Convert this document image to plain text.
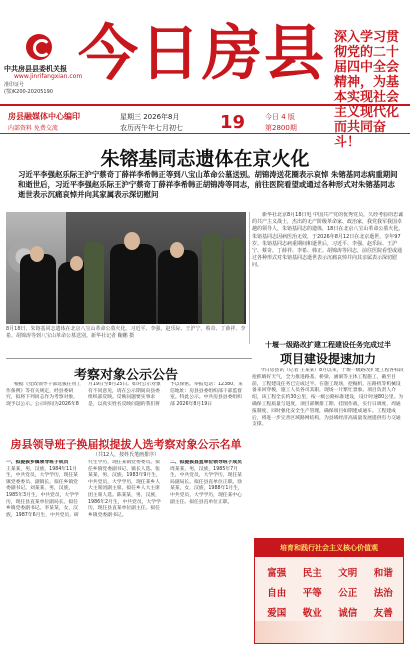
中共房县县委机关报
www.jinrifangxian.com
准印证号
(鄂)K200-20205190
今日房县 深入学习贯彻党的二十届四中全会精神，为基本实现社会主义现代化而共同奋斗！
房县融媒体中心编印
内部资料 免费交流
星期三 2026年8月
农历丙午年七月初七 19	今日 4 版
第2800期
朱镕基同志遗体在京火化
习近平李强赵乐际王沪宁蔡奇丁薛祥李希韩正等到八宝山革命公墓送别。胡锦涛送花圈表示哀悼 朱镕基同志病重期间和逝世后，习近平李强赵乐际王沪宁蔡奇丁薛祥李希韩正胡锦涛等同志，前往医院看望或通过各种形式对朱镕基同志逝世表示沉痛哀悼并向其家属表示深切慰问
8月18日，朱镕基同志遗体在北京八宝山革命公墓火化。习近平、李强、赵乐际、王沪宁、蔡奇、丁薛祥、李希、胡锦涛等到八宝山革命公墓送别。新华社记者 鞠鹏 摄
新华社北京8月18日电 中国共产党的优秀党员，久经考验的忠诚的共产主义战士，杰出的无产阶级革命家、政治家，我党我军我国卓越的领导人，朱镕基同志的遗体，18日在北京八宝山革命公墓火化。朱镕基同志因病医治无效，于2026年8月12日在北京逝世，享年97岁。朱镕基同志病重期间和逝世后，习近平、李强、赵乐际、王沪宁、蔡奇、丁薛祥、李希、韩正、胡锦涛等同志，前往医院看望或通过各种形式对朱镕基同志逝世表示沉痛哀悼并向其亲属表示深切慰问。
考察对象公示公告
根据《党政领导干部选拔任用工作条例》等有关规定，经县委研究，拟将下列同志作为考察对象，现予以公示。公示时间为2026年8月19日至8月25日。如对公示对象有不同意见，请在公示期间向县委组织部反映。反映问题要实事求是，以真实姓名反映问题的我们将予以保密。举报电话：12380，来信地址：房县县委组织部干部监督室。特此公示。中共房县县委组织部 2026年8月19日
十堰一级路改扩建工程建设任务完成过半
项目建设提速加力
今日房县讯（记者 王某某）8月以来，十堰一级路改扩建工程各标段抢抓晴好天气，全力推进路基、桥梁、涵洞等主体工程施工，截至目前，工程建设任务已完成过半。在施工现场，挖掘机、压路机等机械设备来回穿梭，施工人员各司其职，现场一片繁忙景象。项目负责人介绍，该工程全长约30公里，按一级公路标准建设，设计时速80公里。为确保工程质量与进度，项目部倒排工期、挂图作战，实行日调度、周通报制度，同时强化安全生产管理，确保项目如期建成通车。工程建成后，将进一步完善区域路网结构，为县域经济高质量发展提供有力交通支撑。
房县领导班子换届拟提拔人选考察对象公示名单
（共12人，按姓氏笔画排序）
一、拟提拔乡镇领导班子成员
王某某，男，汉族，1984年11月生，中共党员，大学学历，现任某镇党委委员、副镇长。拟任乡镇党委副书记。刘某某，男，汉族，1985年3月生，中共党员，大学学历，现任县直某单位副局长。拟任乡镇党委副书记。李某某，女，汉族，1987年6月生，中共党员，研究生学历，现任某镇党委委员。拟任乡镇党委副书记、镇长人选。张某某，男，汉族，1983年9月生，中共党员，大学学历，现任某乡人大主席团副主席。拟任乡人大主席团主席人选。陈某某，男，汉族，1986年2月生，中共党员，大学学历，现任县直某单位副主任。拟任乡镇党委副书记。
二、拟提拔县直单位领导班子成员
周某某，男，汉族，1985年7月生，中共党员，大学学历，现任某局副局长。拟任县直单位正职。徐某某，女，汉族，1988年1月生，中共党员，大学学历，现任某中心副主任。拟任县直单位正职。
培育和践行社会主义核心价值观
富强	民主	文明	和谐
自由	平等	公正	法治
爱国	敬业	诚信	友善
